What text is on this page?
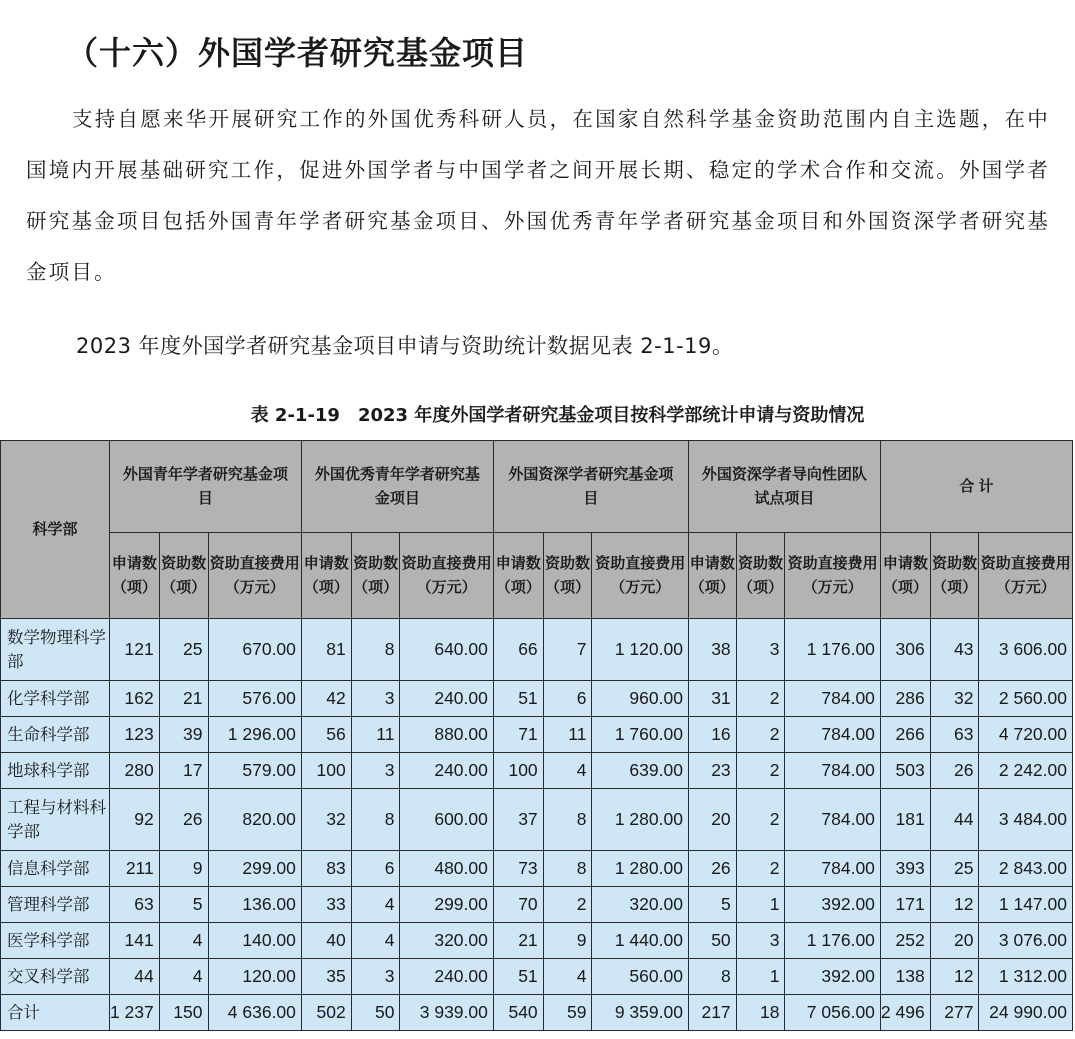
（十六）外国学者研究基金项目

支持自愿来华开展研究工作的外国优秀科研人员，在国家自然科学基金资助范围内自主选题，在中国境内开展基础研究工作，促进外国学者与中国学者之间开展长期、稳定的学术合作和交流。外国学者研究基金项目包括外国青年学者研究基金项目、外国优秀青年学者研究基金项目和外国资深学者研究基金项目。

2023 年度外国学者研究基金项目申请与资助统计数据见表 2-1-19。
表 2-1-19　2023 年度外国学者研究基金项目按科学部统计申请与资助情况
科学部	外国青年学者研究基金项目			外国优秀青年学者研究基金项目			外国资深学者研究基金项目			外国资深学者导向性团队试点项目			合 计		
	申请数（项）	资助数（项）	资助直接费用（万元）	申请数（项）	资助数（项）	资助直接费用（万元）	申请数（项）	资助数（项）	资助直接费用（万元）	申请数（项）	资助数（项）	资助直接费用（万元）	申请数（项）	资助数（项）	资助直接费用（万元）
数学物理科学部	121	25	670.00	81	8	640.00	66	7	1 120.00	38	3	1 176.00	306	43	3 606.00
化学科学部	162	21	576.00	42	3	240.00	51	6	960.00	31	2	784.00	286	32	2 560.00
生命科学部	123	39	1 296.00	56	11	880.00	71	11	1 760.00	16	2	784.00	266	63	4 720.00
地球科学部	280	17	579.00	100	3	240.00	100	4	639.00	23	2	784.00	503	26	2 242.00
工程与材料科学部	92	26	820.00	32	8	600.00	37	8	1 280.00	20	2	784.00	181	44	3 484.00
信息科学部	211	9	299.00	83	6	480.00	73	8	1 280.00	26	2	784.00	393	25	2 843.00
管理科学部	63	5	136.00	33	4	299.00	70	2	320.00	5	1	392.00	171	12	1 147.00
医学科学部	141	4	140.00	40	4	320.00	21	9	1 440.00	50	3	1 176.00	252	20	3 076.00
交叉科学部	44	4	120.00	35	3	240.00	51	4	560.00	8	1	392.00	138	12	1 312.00
合计	1 237	150	4 636.00	502	50	3 939.00	540	59	9 359.00	217	18	7 056.00	2 496	277	24 990.00
